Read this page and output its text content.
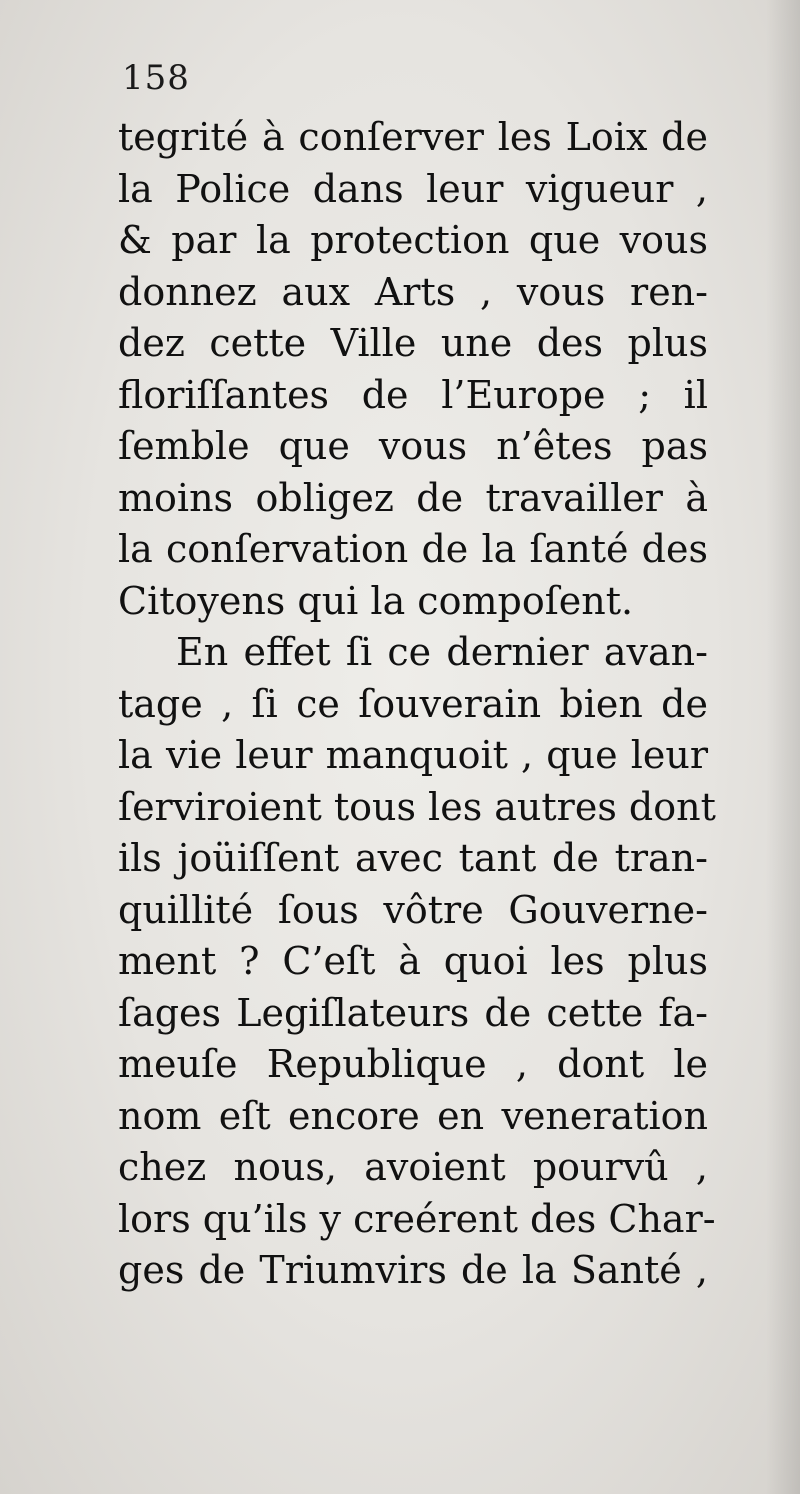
158
tegrité à conſerver les Loix de
la Police dans leur vigueur ,
& par la protection que vous
donnez aux Arts , vous ren-
dez cette Ville une des plus
floriſſantes de l’Europe ; il
ſemble que vous n’êtes pas
moins obligez de travailler à
la conſervation de la ſanté des
Citoyens qui la compoſent.
En effet ſi ce dernier avan-
tage , ſi ce ſouverain bien de
la vie leur manquoit , que leur
ſerviroient tous les autres dont
ils joüiſſent avec tant de tran-
quillité ſous vôtre Gouverne-
ment ? C’eſt à quoi les plus
ſages Legiſlateurs de cette fa-
meuſe Republique , dont le
nom eſt encore en veneration
chez nous, avoient pourvû ,
lors qu’ils y creérent des Char-
ges de Triumvirs de la Santé ,
